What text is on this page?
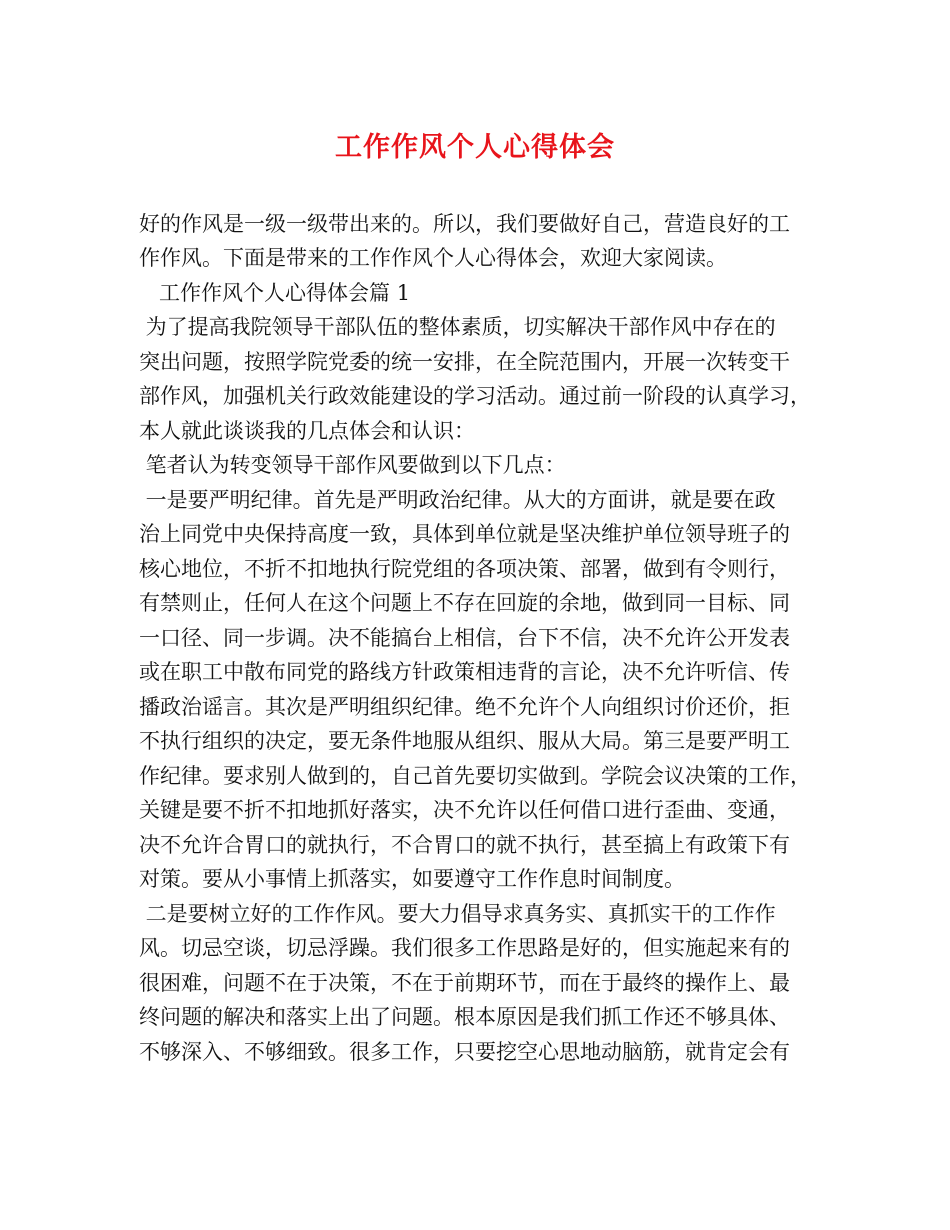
工作作风个人心得体会
好的作风是一级一级带出来的。所以，我们要做好自己，营造良好的工
作作风。下面是带来的工作作风个人心得体会，欢迎大家阅读。
工作作风个人心得体会篇 1
为了提高我院领导干部队伍的整体素质，切实解决干部作风中存在的
突出问题，按照学院党委的统一安排，在全院范围内，开展一次转变干
部作风，加强机关行政效能建设的学习活动。通过前一阶段的认真学习，
本人就此谈谈我的几点体会和认识：
笔者认为转变领导干部作风要做到以下几点：
一是要严明纪律。首先是严明政治纪律。从大的方面讲，就是要在政
治上同党中央保持高度一致，具体到单位就是坚决维护单位领导班子的
核心地位，不折不扣地执行院党组的各项决策、部署，做到有令则行，
有禁则止，任何人在这个问题上不存在回旋的余地，做到同一目标、同
一口径、同一步调。决不能搞台上相信，台下不信，决不允许公开发表
或在职工中散布同党的路线方针政策相违背的言论，决不允许听信、传
播政治谣言。其次是严明组织纪律。绝不允许个人向组织讨价还价，拒
不执行组织的决定，要无条件地服从组织、服从大局。第三是要严明工
作纪律。要求别人做到的，自己首先要切实做到。学院会议决策的工作，
关键是要不折不扣地抓好落实，决不允许以任何借口进行歪曲、变通，
决不允许合胃口的就执行，不合胃口的就不执行，甚至搞上有政策下有
对策。要从小事情上抓落实，如要遵守工作作息时间制度。
二是要树立好的工作作风。要大力倡导求真务实、真抓实干的工作作
风。切忌空谈，切忌浮躁。我们很多工作思路是好的，但实施起来有的
很困难，问题不在于决策，不在于前期环节，而在于最终的操作上、最
终问题的解决和落实上出了问题。根本原因是我们抓工作还不够具体、
不够深入、不够细致。很多工作，只要挖空心思地动脑筋，就肯定会有
